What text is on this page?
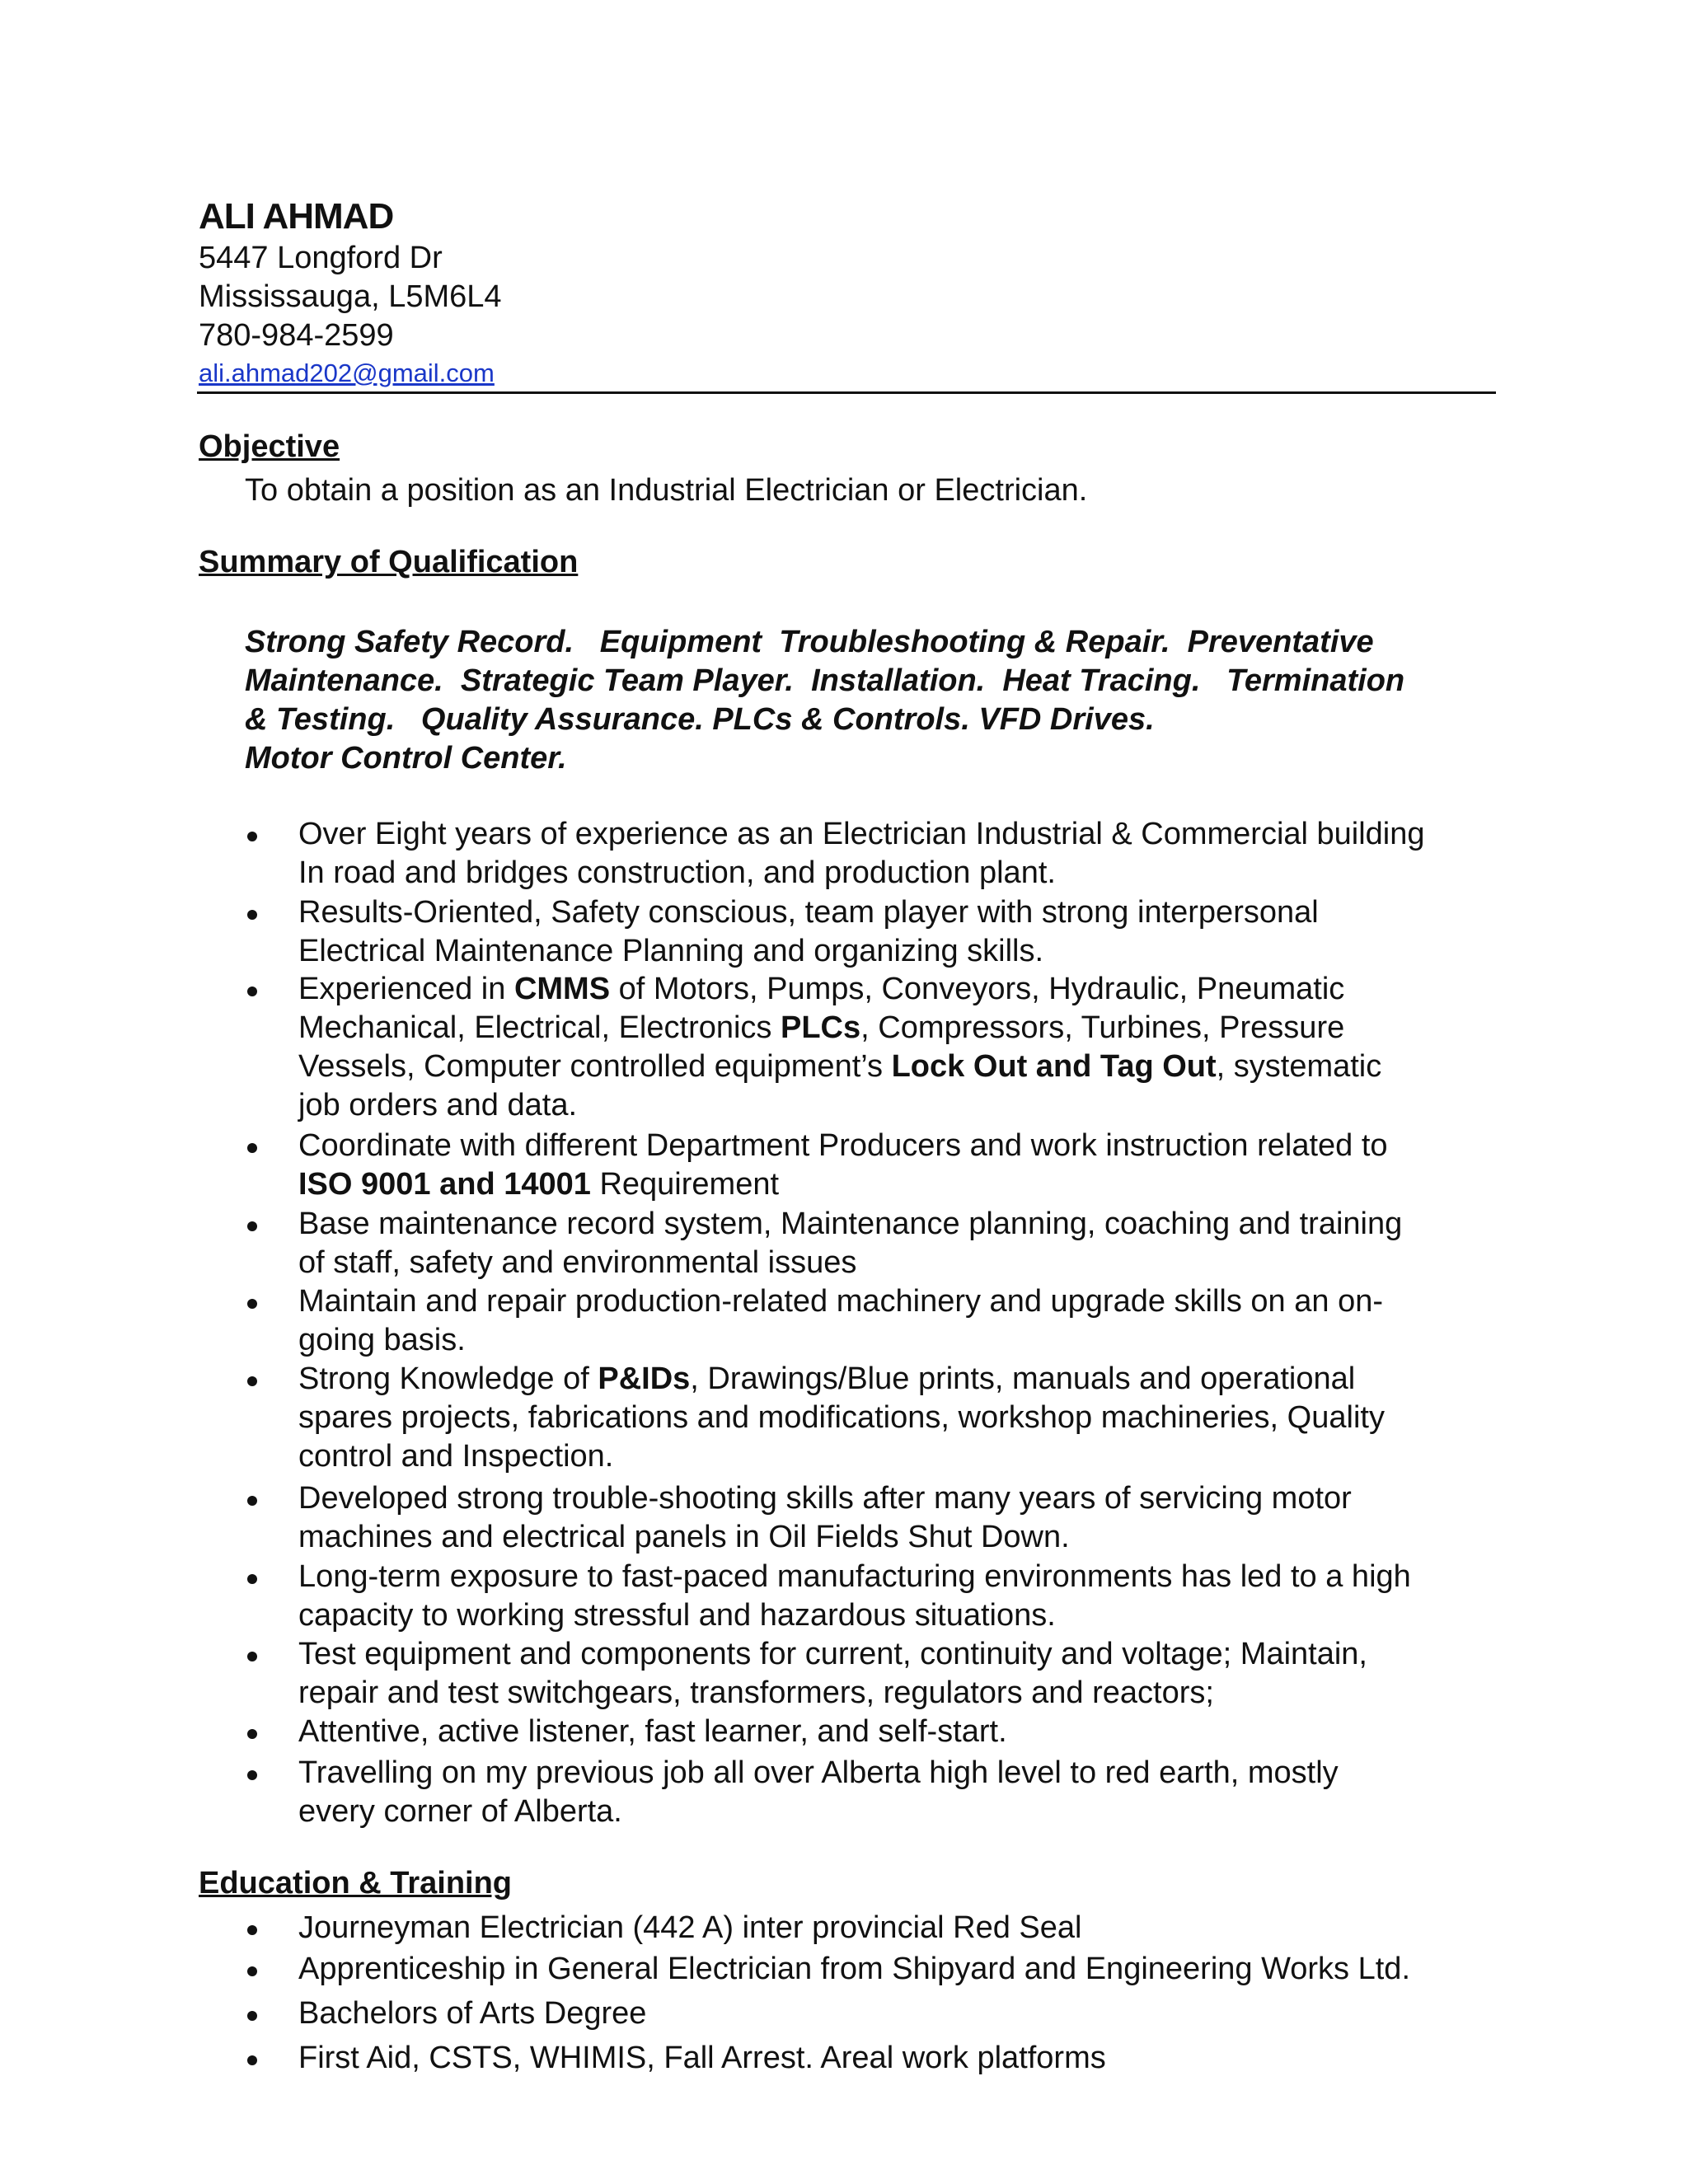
ALI AHMAD
5447 Longford Dr
Mississauga, L5M6L4
780-984-2599
ali.ahmad202@gmail.com
Objective
To obtain a position as an Industrial Electrician or Electrician.
Summary of Qualification
Strong Safety Record.   Equipment  Troubleshooting & Repair.  Preventative
Maintenance.  Strategic Team Player.  Installation.  Heat Tracing.   Termination
& Testing.   Quality Assurance. PLCs & Controls. VFD Drives.
Motor Control Center.
Over Eight years of experience as an Electrician Industrial & Commercial building
In road and bridges construction, and production plant.
Results-Oriented, Safety conscious, team player with strong interpersonal
Electrical Maintenance Planning and organizing skills.
Experienced in CMMS of Motors, Pumps, Conveyors, Hydraulic, Pneumatic
Mechanical, Electrical, Electronics PLCs, Compressors, Turbines, Pressure
Vessels, Computer controlled equipment’s Lock Out and Tag Out, systematic
job orders and data.
Coordinate with different Department Producers and work instruction related to
ISO 9001 and 14001 Requirement
Base maintenance record system, Maintenance planning, coaching and training
of staff, safety and environmental issues
Maintain and repair production-related machinery and upgrade skills on an on-
going basis.
Strong Knowledge of P&IDs, Drawings/Blue prints, manuals and operational
spares projects, fabrications and modifications, workshop machineries, Quality
control and Inspection.
Developed strong trouble-shooting skills after many years of servicing motor
machines and electrical panels in Oil Fields Shut Down.
Long-term exposure to fast-paced manufacturing environments has led to a high
capacity to working stressful and hazardous situations.
Test equipment and components for current, continuity and voltage; Maintain,
repair and test switchgears, transformers, regulators and reactors;
Attentive, active listener, fast learner, and self-start.
Travelling on my previous job all over Alberta high level to red earth, mostly
every corner of Alberta.
Education & Training
Journeyman Electrician (442 A) inter provincial Red Seal
Apprenticeship in General Electrician from Shipyard and Engineering Works Ltd.
Bachelors of Arts Degree
First Aid, CSTS, WHIMIS, Fall Arrest. Areal work platforms
